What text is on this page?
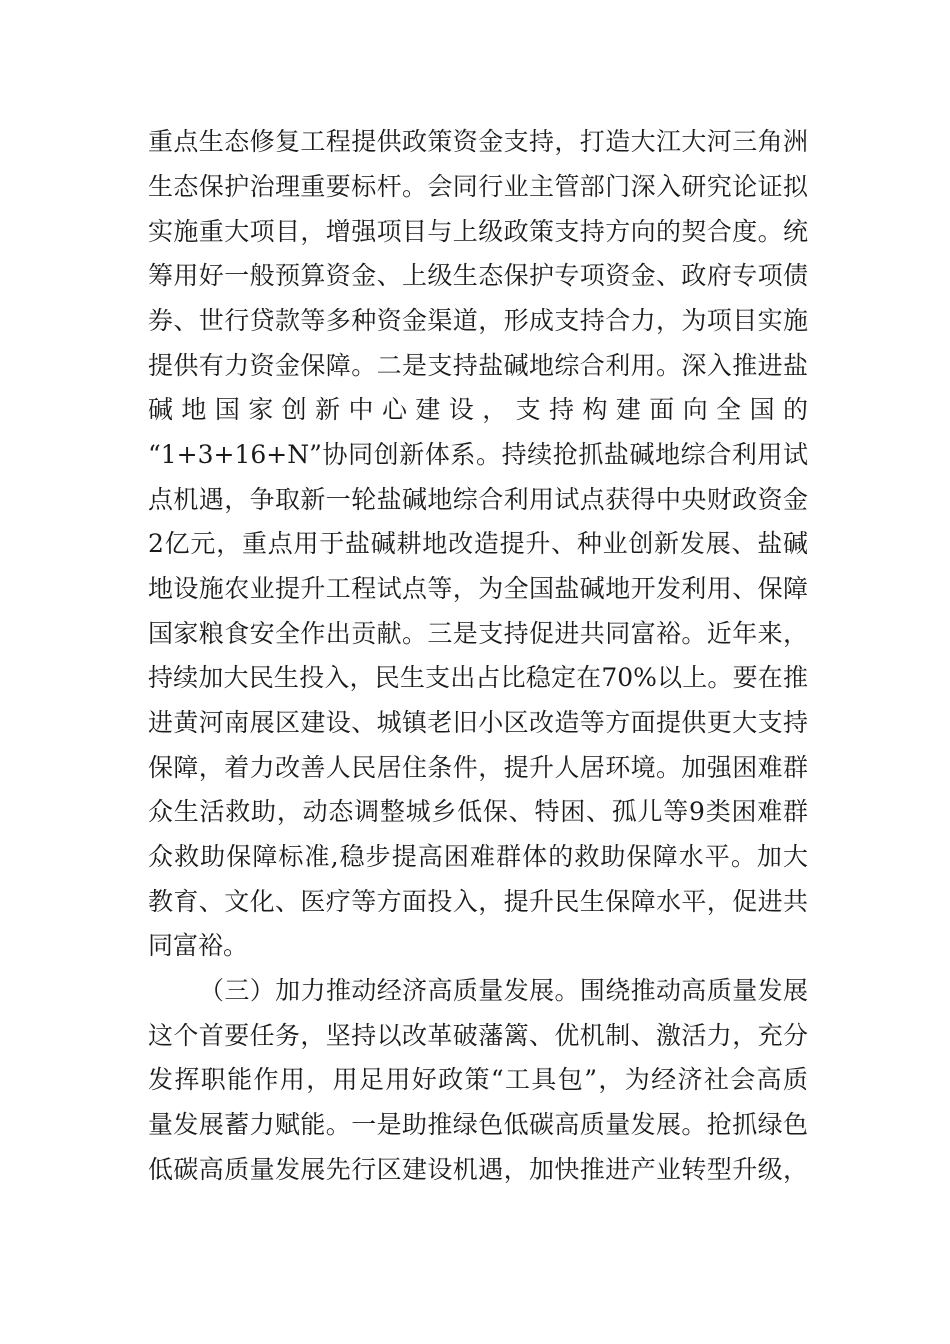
重点生态修复工程提供政策资金支持，打造大江大河三角洲
生态保护治理重要标杆。会同行业主管部门深入研究论证拟
实施重大项目，增强项目与上级政策支持方向的契合度。统
筹用好一般预算资金、上级生态保护专项资金、政府专项债
券、世行贷款等多种资金渠道，形成支持合力，为项目实施
提供有力资金保障。二是支持盐碱地综合利用。深入推进盐
碱地国家创新中心建设，支持构建面向全国的
“1+3+16+N”协同创新体系。持续抢抓盐碱地综合利用试
点机遇，争取新一轮盐碱地综合利用试点获得中央财政资金
2亿元，重点用于盐碱耕地改造提升、种业创新发展、盐碱
地设施农业提升工程试点等，为全国盐碱地开发利用、保障
国家粮食安全作出贡献。三是支持促进共同富裕。近年来，
持续加大民生投入，民生支出占比稳定在70%以上。要在推
进黄河南展区建设、城镇老旧小区改造等方面提供更大支持
保障，着力改善人民居住条件，提升人居环境。加强困难群
众生活救助，动态调整城乡低保、特困、孤儿等9类困难群
众救助保障标准,稳步提高困难群体的救助保障水平。加大
教育、文化、医疗等方面投入，提升民生保障水平，促进共
同富裕。
（三）加力推动经济高质量发展。围绕推动高质量发展
这个首要任务，坚持以改革破藩篱、优机制、激活力，充分
发挥职能作用，用足用好政策“工具包”，为经济社会高质
量发展蓄力赋能。一是助推绿色低碳高质量发展。抢抓绿色
低碳高质量发展先行区建设机遇，加快推进产业转型升级，
